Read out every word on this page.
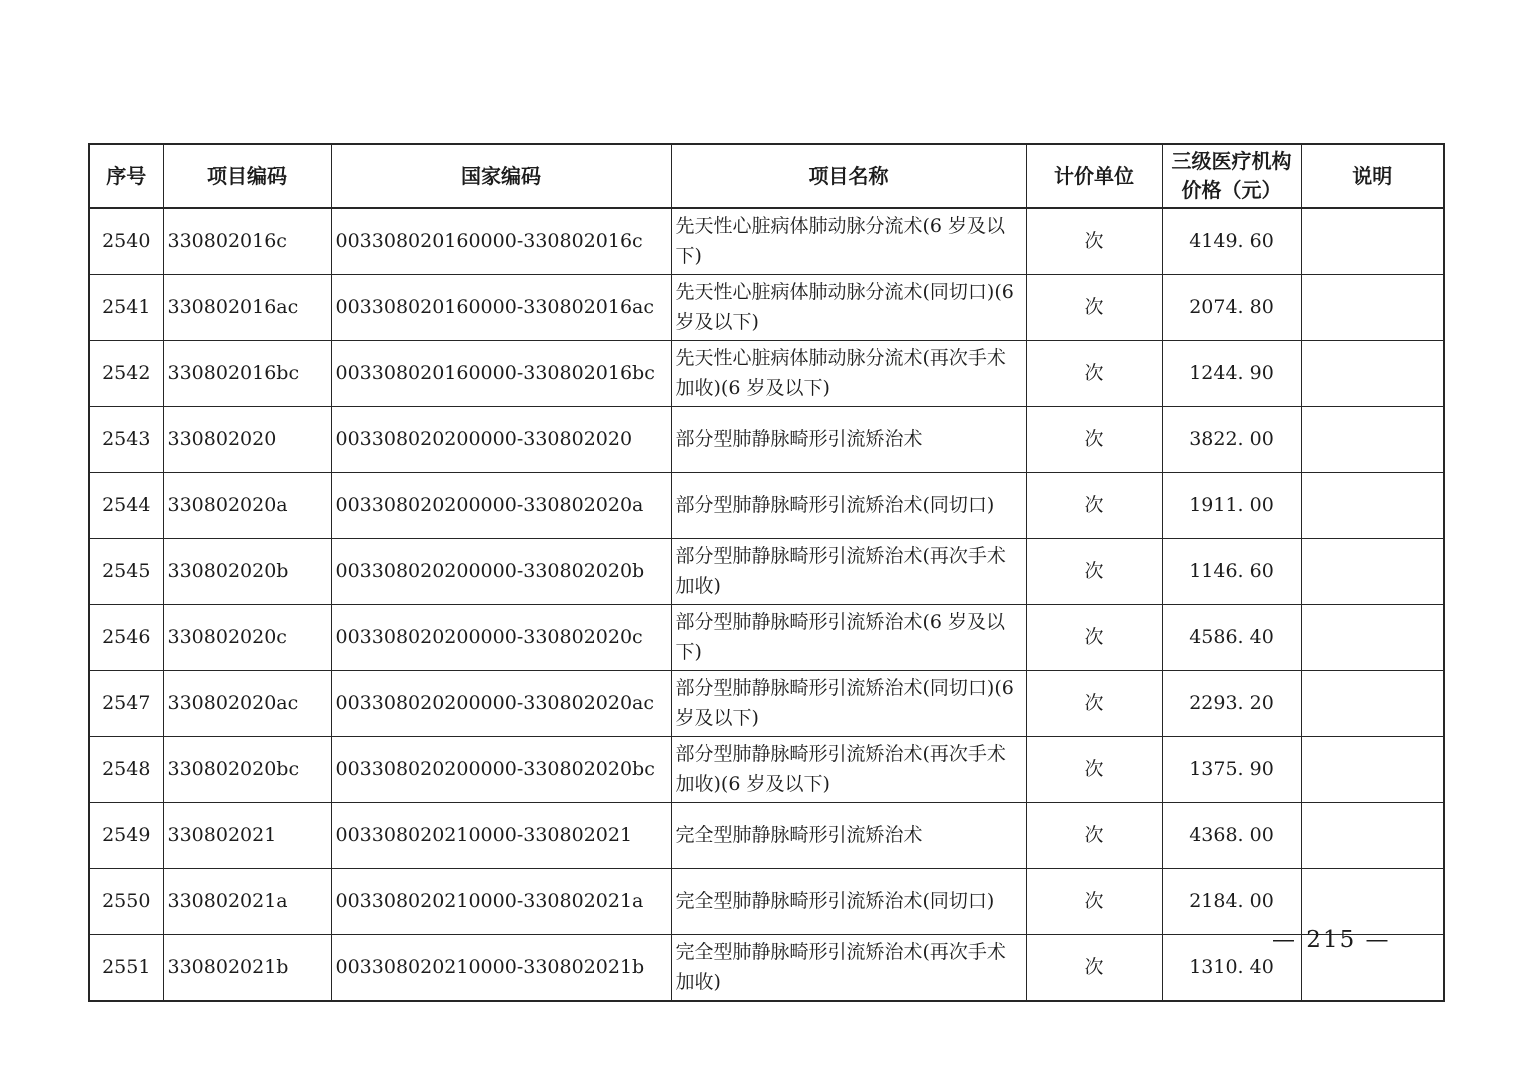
序号	项目编码	国家编码	项目名称	计价单位	三级医疗机构价格（元）	说明
2540	330802016c	003308020160000-330802016c	先天性心脏病体肺动脉分流术(6 岁及以下)	次	4149. 60	
2541	330802016ac	003308020160000-330802016ac	先天性心脏病体肺动脉分流术(同切口)(6 岁及以下)	次	2074. 80	
2542	330802016bc	003308020160000-330802016bc	先天性心脏病体肺动脉分流术(再次手术加收)(6 岁及以下)	次	1244. 90	
2543	330802020	003308020200000-330802020	部分型肺静脉畸形引流矫治术	次	3822. 00	
2544	330802020a	003308020200000-330802020a	部分型肺静脉畸形引流矫治术(同切口)	次	1911. 00	
2545	330802020b	003308020200000-330802020b	部分型肺静脉畸形引流矫治术(再次手术加收)	次	1146. 60	
2546	330802020c	003308020200000-330802020c	部分型肺静脉畸形引流矫治术(6 岁及以下)	次	4586. 40	
2547	330802020ac	003308020200000-330802020ac	部分型肺静脉畸形引流矫治术(同切口)(6 岁及以下)	次	2293. 20	
2548	330802020bc	003308020200000-330802020bc	部分型肺静脉畸形引流矫治术(再次手术加收)(6 岁及以下)	次	1375. 90	
2549	330802021	003308020210000-330802021	完全型肺静脉畸形引流矫治术	次	4368. 00	
2550	330802021a	003308020210000-330802021a	完全型肺静脉畸形引流矫治术(同切口)	次	2184. 00	
2551	330802021b	003308020210000-330802021b	完全型肺静脉畸形引流矫治术(再次手术加收)	次	1310. 40	
— 215 —
